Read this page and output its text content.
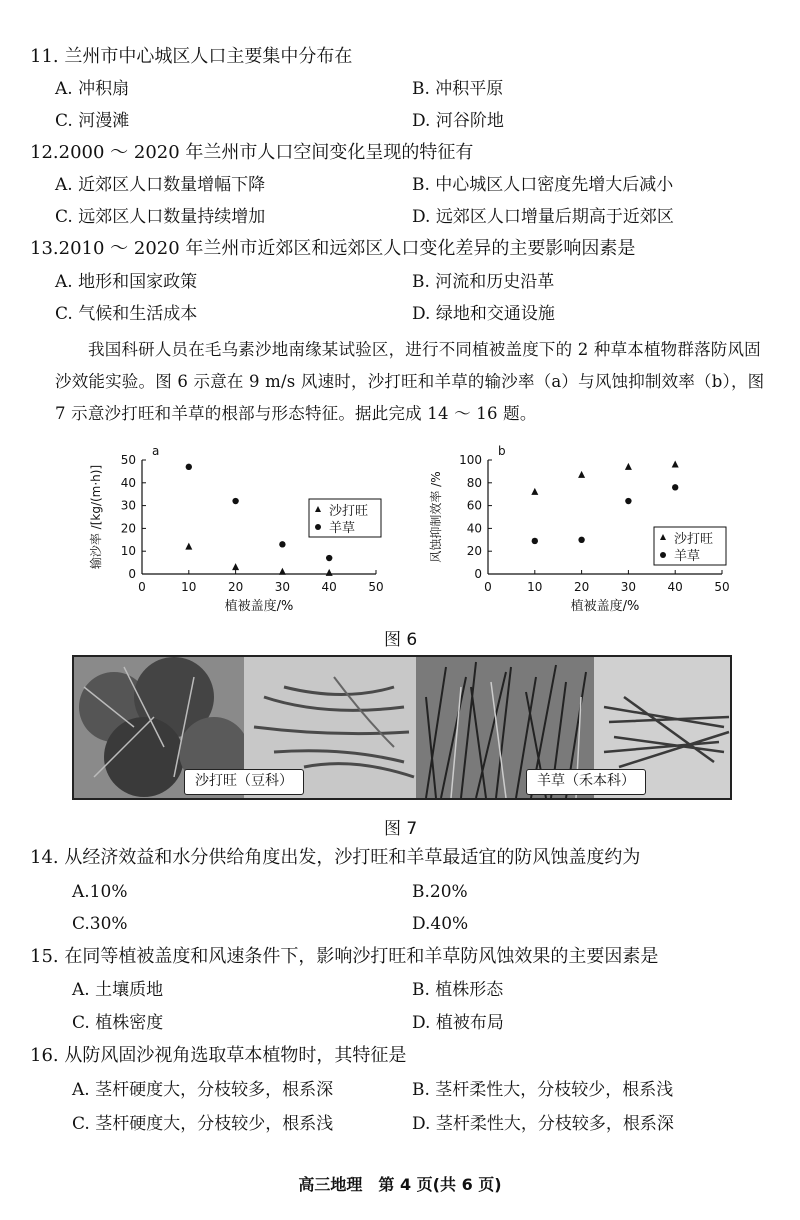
11. 兰州市中心城区人口主要集中分布在
A. 冲积扇	B. 冲积平原
C. 河漫滩	D. 河谷阶地
12.2000 ～ 2020 年兰州市人口空间变化呈现的特征有
A. 近郊区人口数量增幅下降	B. 中心城区人口密度先增大后减小
C. 远郊区人口数量持续增加	D. 远郊区人口增量后期高于近郊区
13.2010 ～ 2020 年兰州市近郊区和远郊区人口变化差异的主要影响因素是
A. 地形和国家政策	B. 河流和历史沿革
C. 气候和生活成本	D. 绿地和交通设施
我国科研人员在毛乌素沙地南缘某试验区，进行不同植被盖度下的 2 种草本植物群落防风固沙效能实验。图 6 示意在 9 m/s 风速时，沙打旺和羊草的输沙率（a）与风蚀抑制效率（b），图 7 示意沙打旺和羊草的根部与形态特征。据此完成 14 ～ 16 题。
0	10	20	30	40	50
0
10
20
30
40
50
a
植被盖度/%
输沙率 /[kg/(m·h)]	沙打旺
羊草
0	10	20	30	40	50
0
20
40
60
80
100
b
植被盖度/%
风蚀抑制效率 /%	沙打旺
羊草
图 6
沙打旺（豆科）	羊草（禾本科）
图 7
14. 从经济效益和水分供给角度出发，沙打旺和羊草最适宜的防风蚀盖度约为
A.10%	B.20%
C.30%	D.40%
15. 在同等植被盖度和风速条件下，影响沙打旺和羊草防风蚀效果的主要因素是
A. 土壤质地	B. 植株形态
C. 植株密度	D. 植被布局
16. 从防风固沙视角选取草本植物时，其特征是
A. 茎杆硬度大，分枝较多，根系深	B. 茎杆柔性大，分枝较少，根系浅
C. 茎杆硬度大，分枝较少，根系浅	D. 茎杆柔性大，分枝较多，根系深
高三地理　第 4 页(共 6 页)
